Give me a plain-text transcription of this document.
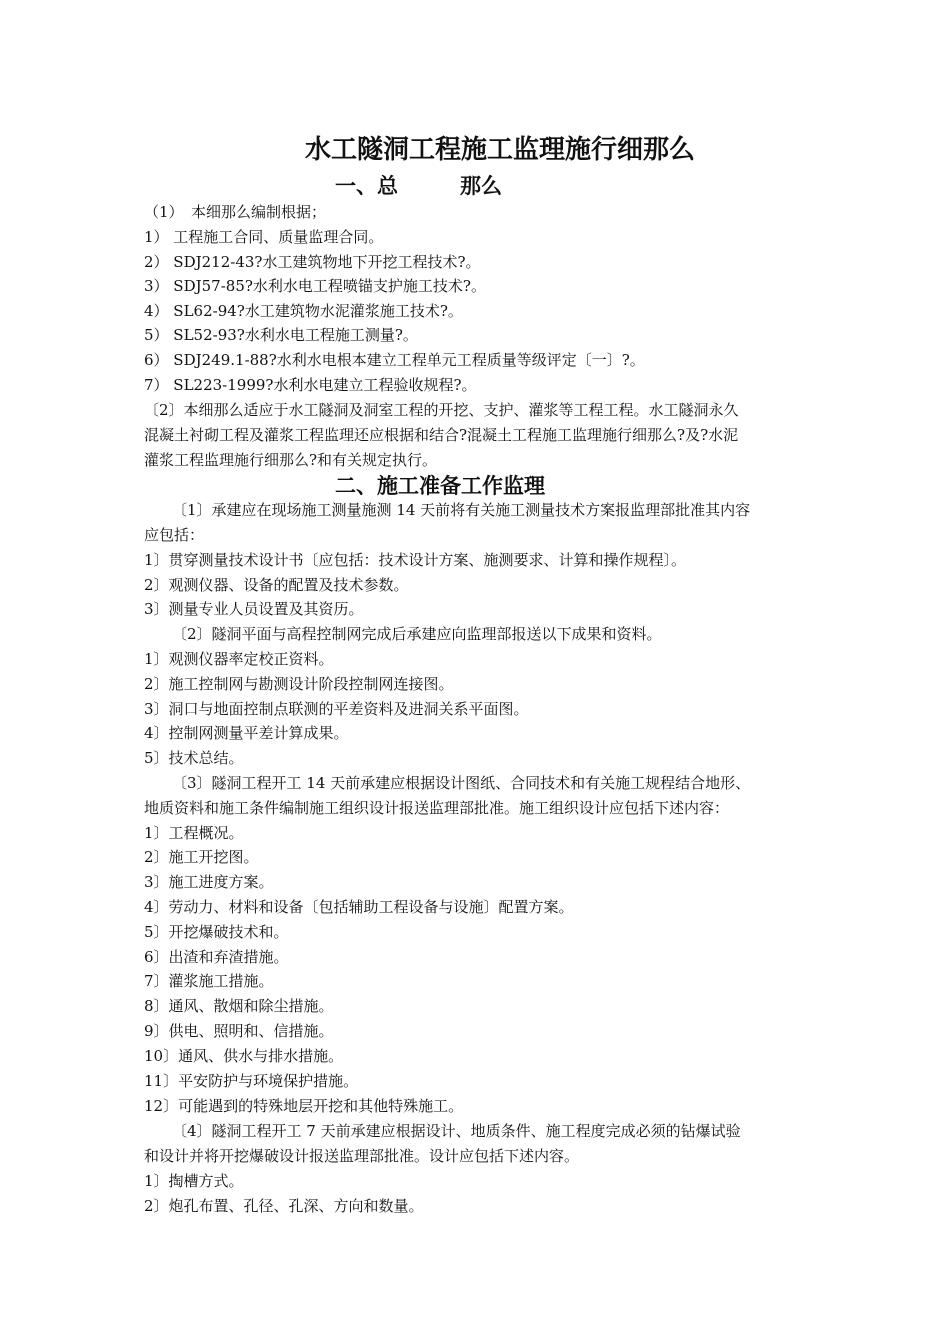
水工隧洞工程施工监理施行细那么
一、总	那么
（1）　本细那么编制根据；
1） 工程施工合同、质量监理合同。
2） SDJ212-43?水工建筑物地下开挖工程技术?。
3） SDJ57-85?水利水电工程喷锚支护施工技术?。
4） SL62-94?水工建筑物水泥灌浆施工技术?。
5） SL52-93?水利水电工程施工测量?。
6） SDJ249.1-88?水利水电根本建立工程单元工程质量等级评定〔一〕?。
7） SL223-1999?水利水电建立工程验收规程?。
〔2〕本细那么适应于水工隧洞及洞室工程的开挖、支护、灌浆等工程工程。水工隧洞永久
混凝土衬砌工程及灌浆工程监理还应根据和结合?混凝土工程施工监理施行细那么?及?水泥
灌浆工程监理施行细那么?和有关规定执行。
二、施工准备工作监理
〔1〕承建应在现场施工测量施测 14 天前将有关施工测量技术方案报监理部批准其内容
应包括：
1〕贯穿测量技术设计书〔应包括：技术设计方案、施测要求、计算和操作规程〕。
2〕观测仪器、设备的配置及技术参数。
3〕测量专业人员设置及其资历。
〔2〕隧洞平面与高程控制网完成后承建应向监理部报送以下成果和资料。
1〕观测仪器率定校正资料。
2〕施工控制网与勘测设计阶段控制网连接图。
3〕洞口与地面控制点联测的平差资料及进洞关系平面图。
4〕控制网测量平差计算成果。
5〕技术总结。
〔3〕隧洞工程开工 14 天前承建应根据设计图纸、合同技术和有关施工规程结合地形、
地质资料和施工条件编制施工组织设计报送监理部批准。施工组织设计应包括下述内容：
1〕工程概况。
2〕施工开挖图。
3〕施工进度方案。
4〕劳动力、材料和设备〔包括辅助工程设备与设施〕配置方案。
5〕开挖爆破技术和。
6〕出渣和弃渣措施。
7〕灌浆施工措施。
8〕通风、散烟和除尘措施。
9〕供电、照明和、信措施。
10〕通风、供水与排水措施。
11〕平安防护与环境保护措施。
12〕可能遇到的特殊地层开挖和其他特殊施工。
〔4〕隧洞工程开工 7 天前承建应根据设计、地质条件、施工程度完成必须的钻爆试验
和设计并将开挖爆破设计报送监理部批准。设计应包括下述内容。
1〕掏槽方式。
2〕炮孔布置、孔径、孔深、方向和数量。
